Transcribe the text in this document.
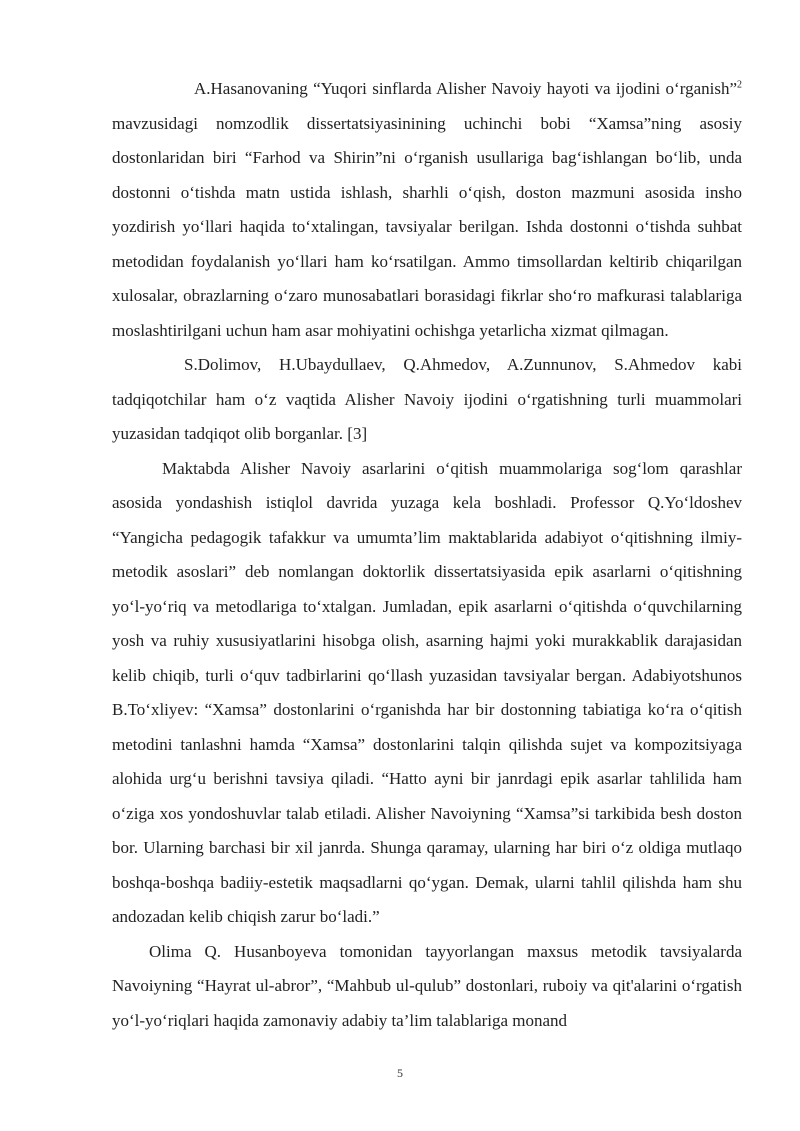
A.Hasanovaning “Yuqori sinflarda Alisher Navoiy hayoti va ijodini o‘rganish”$^2$ mavzusidagi nomzodlik dissertatsiyasinining uchinchi bobi “Xamsa”ning asosiy dostonlaridan biri “Farhod va Shirin”ni o‘rganish usullariga bag‘ishlangan bo‘lib, unda dostonni o‘tishda matn ustida ishlash, sharhli o‘qish, doston mazmuni asosida insho yozdirish yo‘llari haqida to‘xtalingan, tavsiyalar berilgan. Ishda dostonni o‘tishda suhbat metodidan foydalanish yo‘llari ham ko‘rsatilgan. Ammo timsollardan keltirib chiqarilgan xulosalar, obrazlarning o‘zaro munosabatlari borasidagi fikrlar sho‘ro mafkurasi talablariga moslashtirilgani uchun ham asar mohiyatini ochishga yetarlicha xizmat qilmagan.

S.Dolimov, H.Ubaydullaev, Q.Ahmedov, A.Zunnunov, S.Ahmedov kabi tadqiqotchilar ham o‘z vaqtida Alisher Navoiy ijodini o‘rgatishning turli muammolari yuzasidan tadqiqot olib borganlar. [3]

Maktabda Alisher Navoiy asarlarini o‘qitish muammolariga sog‘lom qarashlar asosida yondashish istiqlol davrida yuzaga kela boshladi. Professor Q.Yo‘ldoshev “Yangicha pedagogik tafakkur va umumta’lim maktablarida adabiyot o‘qitishning ilmiy-metodik asoslari” deb nomlangan doktorlik dissertatsiyasida epik asarlarni o‘qitishning yo‘l-yo‘riq va metodlariga to‘xtalgan. Jumladan, epik asarlarni o‘qitishda o‘quvchilarning yosh va ruhiy xususiyatlarini hisobga olish, asarning hajmi yoki murakkablik darajasidan kelib chiqib, turli o‘quv tadbirlarini qo‘llash yuzasidan tavsiyalar bergan. Adabiyotshunos B.To‘xliyev: “Xamsa” dostonlarini o‘rganishda har bir dostonning tabiatiga ko‘ra o‘qitish metodini tanlashni hamda “Xamsa” dostonlarini talqin qilishda sujet va kompozitsiyaga alohida urg‘u berishni tavsiya qiladi. “Hatto ayni bir janrdagi epik asarlar tahlilida ham o‘ziga xos yondoshuvlar talab etiladi. Alisher Navoiyning “Xamsa”si tarkibida besh doston bor. Ularning barchasi bir xil janrda. Shunga qaramay, ularning har biri o‘z oldiga mutlaqo boshqa-boshqa badiiy-estetik maqsadlarni qo‘ygan. Demak, ularni tahlil qilishda ham shu andozadan kelib chiqish zarur bo‘ladi.”

Olima Q. Husanboyeva tomonidan tayyorlangan maxsus metodik tavsiyalarda Navoiyning “Hayrat ul-abror”, “Mahbub ul-qulub” dostonlari, ruboiy va qit'alarini o‘rgatish yo‘l-yo‘riqlari haqida zamonaviy adabiy ta’lim talablariga monand

5
